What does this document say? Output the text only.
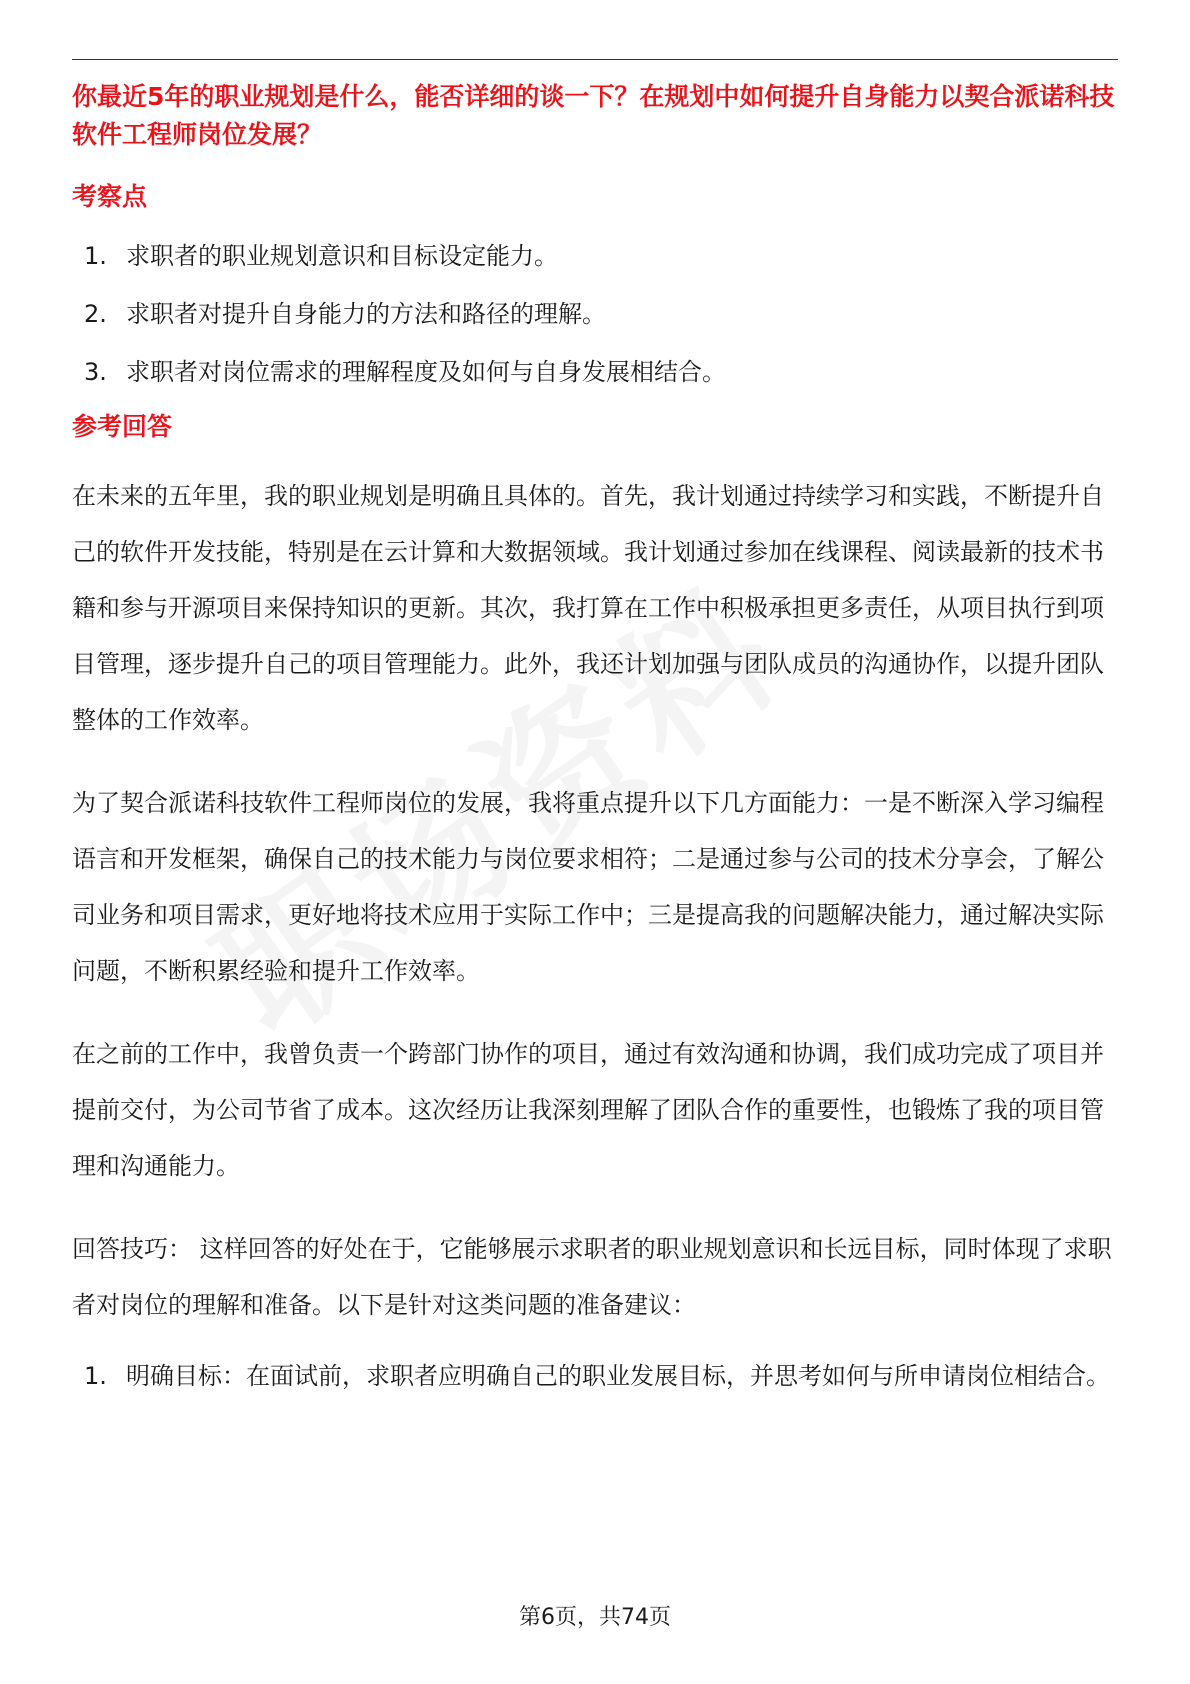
你最近5年的职业规划是什么，能否详细的谈一下？在规划中如何提升自身能力以契合派诺科技软件工程师岗位发展？
考察点
1. 求职者的职业规划意识和目标设定能力。
2. 求职者对提升自身能力的方法和路径的理解。
3. 求职者对岗位需求的理解程度及如何与自身发展相结合。
参考回答

在未来的五年里，我的职业规划是明确且具体的。首先，我计划通过持续学习和实践，不断提升自己的软件开发技能，特别是在云计算和大数据领域。我计划通过参加在线课程、阅读最新的技术书籍和参与开源项目来保持知识的更新。其次，我打算在工作中积极承担更多责任，从项目执行到项目管理，逐步提升自己的项目管理能力。此外，我还计划加强与团队成员的沟通协作，以提升团队整体的工作效率。

为了契合派诺科技软件工程师岗位的发展，我将重点提升以下几方面能力：一是不断深入学习编程语言和开发框架，确保自己的技术能力与岗位要求相符；二是通过参与公司的技术分享会，了解公司业务和项目需求，更好地将技术应用于实际工作中；三是提高我的问题解决能力，通过解决实际问题，不断积累经验和提升工作效率。

在之前的工作中，我曾负责一个跨部门协作的项目，通过有效沟通和协调，我们成功完成了项目并提前交付，为公司节省了成本。这次经历让我深刻理解了团队合作的重要性，也锻炼了我的项目管理和沟通能力。

回答技巧： 这样回答的好处在于，它能够展示求职者的职业规划意识和长远目标，同时体现了求职者对岗位的理解和准备。以下是针对这类问题的准备建议：

1. 明确目标：在面试前，求职者应明确自己的职业发展目标，并思考如何与所申请岗位相结合。
第6页，共74页
